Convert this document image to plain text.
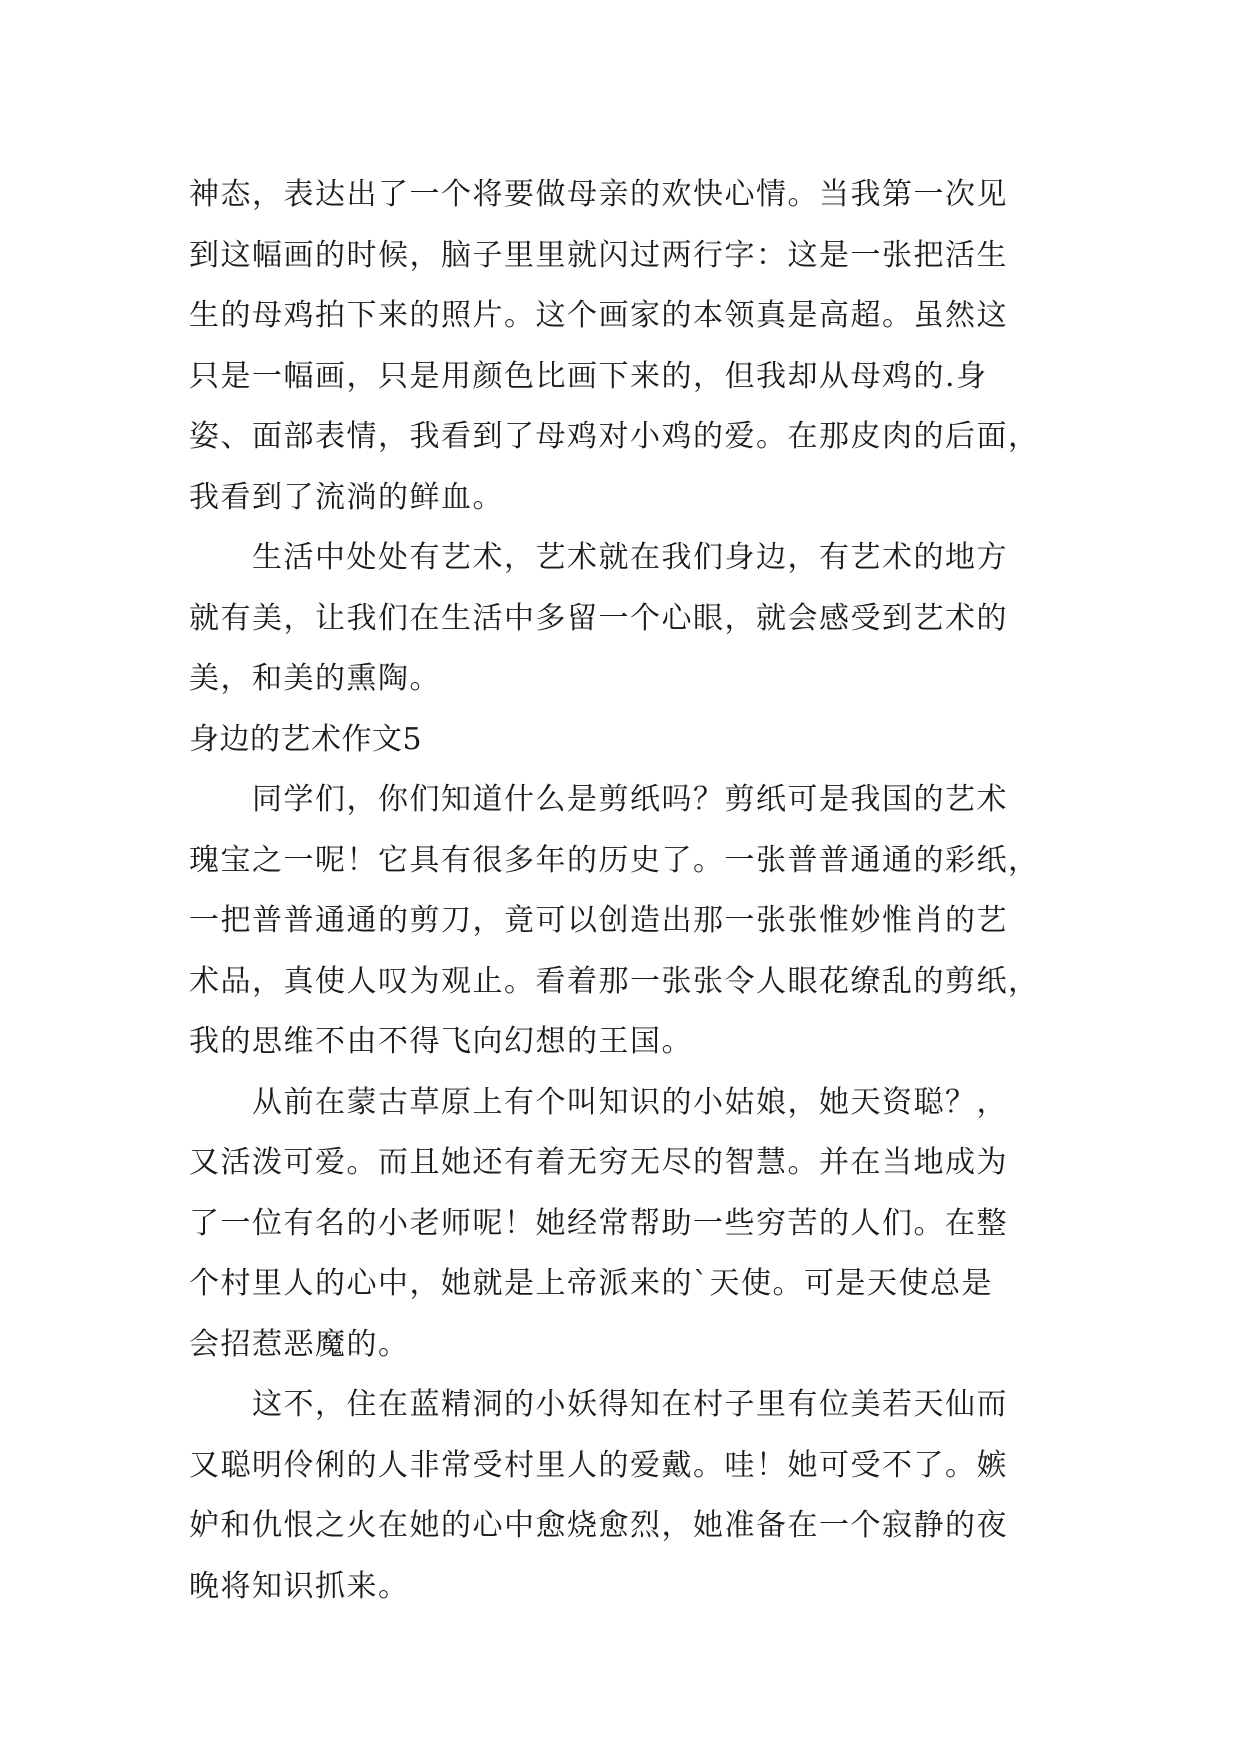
神态，表达出了一个将要做母亲的欢快心情。当我第一次见
到这幅画的时候，脑子里里就闪过两行字：这是一张把活生
生的母鸡拍下来的照片。这个画家的本领真是高超。虽然这
只是一幅画，只是用颜色比画下来的，但我却从母鸡的.身
姿、面部表情，我看到了母鸡对小鸡的爱。在那皮肉的后面，
我看到了流淌的鲜血。
生活中处处有艺术，艺术就在我们身边，有艺术的地方
就有美，让我们在生活中多留一个心眼，就会感受到艺术的
美，和美的熏陶。
身边的艺术作文5
同学们，你们知道什么是剪纸吗？剪纸可是我国的艺术
瑰宝之一呢！它具有很多年的历史了。一张普普通通的彩纸，
一把普普通通的剪刀，竟可以创造出那一张张惟妙惟肖的艺
术品，真使人叹为观止。看着那一张张令人眼花缭乱的剪纸，
我的思维不由不得飞向幻想的王国。
从前在蒙古草原上有个叫知识的小姑娘，她天资聪？，
又活泼可爱。而且她还有着无穷无尽的智慧。并在当地成为
了一位有名的小老师呢！她经常帮助一些穷苦的人们。在整
个村里人的心中，她就是上帝派来的`天使。可是天使总是
会招惹恶魔的。
这不，住在蓝精洞的小妖得知在村子里有位美若天仙而
又聪明伶俐的人非常受村里人的爱戴。哇！她可受不了。嫉
妒和仇恨之火在她的心中愈烧愈烈，她准备在一个寂静的夜
晚将知识抓来。
